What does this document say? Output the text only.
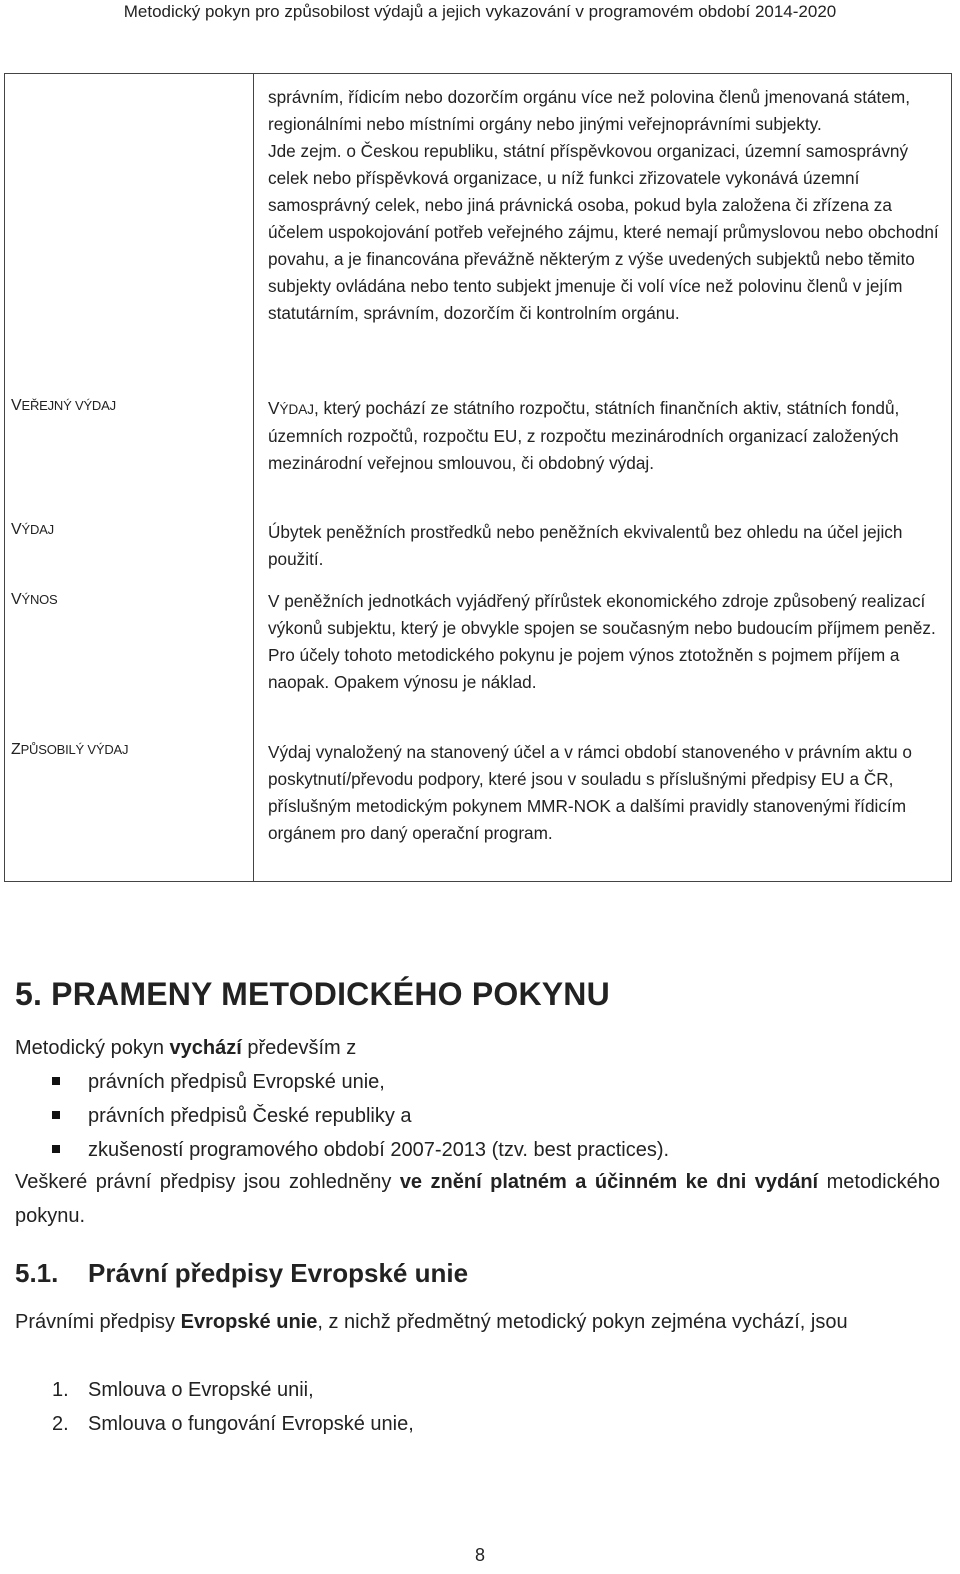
Metodický pokyn pro způsobilost výdajů a jejich vykazování v programovém období 2014-2020

správním, řídicím nebo dozorčím orgánu více než polovina členů jmenovaná státem, regionálními nebo místními orgány nebo jinými veřejnoprávními subjekty.

Jde zejm. o Českou republiku, státní příspěvkovou organizaci, územní samosprávný celek nebo příspěvková organizace, u níž funkci zřizovatele vykonává územní samosprávný celek, nebo jiná právnická osoba, pokud byla založena či zřízena za účelem uspokojování potřeb veřejného zájmu, které nemají průmyslovou nebo obchodní povahu, a je financována převážně některým z výše uvedených subjektů nebo těmito subjekty ovládána nebo tento subjekt jmenuje či volí více než polovinu členů v jejím statutárním, správním, dozorčím či kontrolním orgánu.

VEŘEJNÝ VÝDAJ	VÝDAJ, který pochází ze státního rozpočtu, státních finančních aktiv, státních fondů, územních rozpočtů, rozpočtu EU, z rozpočtu mezinárodních organizací založených mezinárodní veřejnou smlouvou, či obdobný výdaj.

VÝDAJ	Úbytek peněžních prostředků nebo peněžních ekvivalentů bez ohledu na účel jejich použití.

VÝNOS	V peněžních jednotkách vyjádřený přírůstek ekonomického zdroje způsobený realizací výkonů subjektu, který je obvykle spojen se současným nebo budoucím příjmem peněz. Pro účely tohoto metodického pokynu je pojem výnos ztotožněn s pojmem příjem a naopak. Opakem výnosu je náklad.

ZPŮSOBILÝ VÝDAJ	Výdaj vynaložený na stanovený účel a v rámci období stanoveného v právním aktu o poskytnutí/převodu podpory, které jsou v souladu s příslušnými předpisy EU a ČR, příslušným metodickým pokynem MMR-NOK a dalšími pravidly stanovenými řídicím orgánem pro daný operační program.

5. PRAMENY METODICKÉHO POKYNU
Metodický pokyn vychází především z
právních předpisů Evropské unie,
právních předpisů České republiky a
zkušeností programového období 2007-2013 (tzv. best practices).
Veškeré právní předpisy jsou zohledněny ve znění platném a účinném ke dni vydání metodického pokynu.
5.1. Právní předpisy Evropské unie
Právními předpisy Evropské unie, z nichž předmětný metodický pokyn zejména vychází, jsou
1. Smlouva o Evropské unii,
2. Smlouva o fungování Evropské unie,
8
